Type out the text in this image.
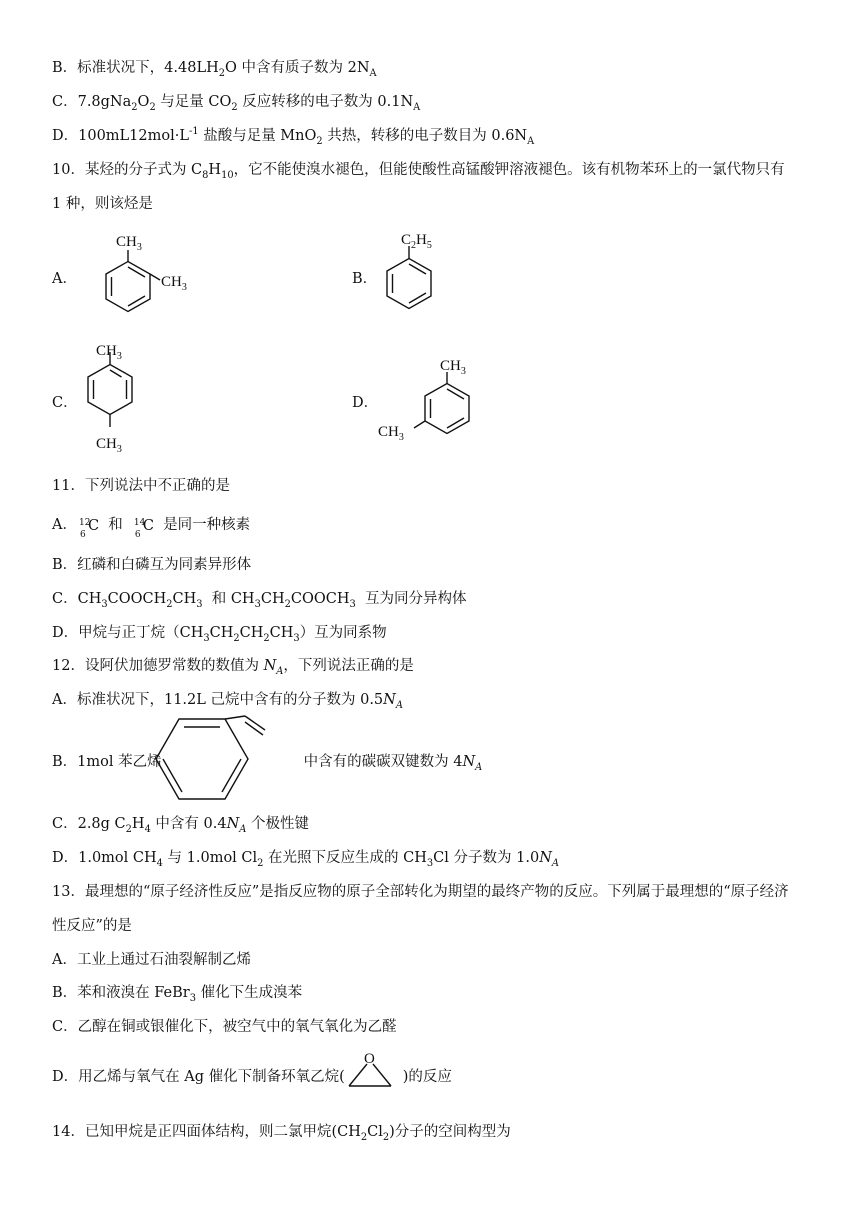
B．标准状况下，$4.48LH_2O$ 中含有质子数为 $2N_A$
C．$7.8gNa_2O_2$ 与足量 $CO_2$ 反应转移的电子数为 $0.1N_A$
D．$100mL12mol\cdot L^{-1}$ 盐酸与足量 MnO$_2$ 共热，转移的电子数目为 $0.6N_A$
10．某烃的分子式为 $C_8H_{10}$，它不能使溴水褪色，但能使酸性高锰酸钾溶液褪色。该有机物苯环上的一氯代物只有
1 种，则该烃是
A．
$CH_3$
$CH_3$
B．
$C_2H_5$
C．
$CH_3$
$CH_3$
D．
$CH_3$
$CH_3$
11．下列说法中不正确的是
A． 12
6
C 和 14
6
C 是同一种核素
B．红磷和白磷互为同素异形体
C．$CH_3COOCH_2CH_3$ 和 $CH_3CH_2COOCH_3$ 互为同分异构体
D．甲烷与正丁烷$(CH_3CH_2CH_2CH_3)$互为同系物
12．设阿伏加德罗常数的数值为 $N_A$，下列说法正确的是
A．标准状况下，11.2L 己烷中含有的分子数为 $0.5N_A$
B．1mol 苯乙烯	中含有的碳碳双键数为 $4N_A$
C．2.8g $C_2H_4$ 中含有 $0.4N_A$ 个极性键
D．1.0mol $CH_4$ 与 1.0mol $Cl_2$ 在光照下反应生成的 $CH_3Cl$ 分子数为 $1.0N_A$
13．最理想的“原子经济性反应”是指反应物的原子全部转化为期望的最终产物的反应。下列属于最理想的“原子经济
性反应”的是
A．工业上通过石油裂解制乙烯
B．苯和液溴在 FeBr$_3$ 催化下生成溴苯
C．乙醇在铜或银催化下，被空气中的氧气氧化为乙醛
D．用乙烯与氧气在 Ag 催化下制备环氧乙烷(	)的反应
O
14．已知甲烷是正四面体结构，则二氯甲烷$(CH_2Cl_2)$分子的空间构型为
